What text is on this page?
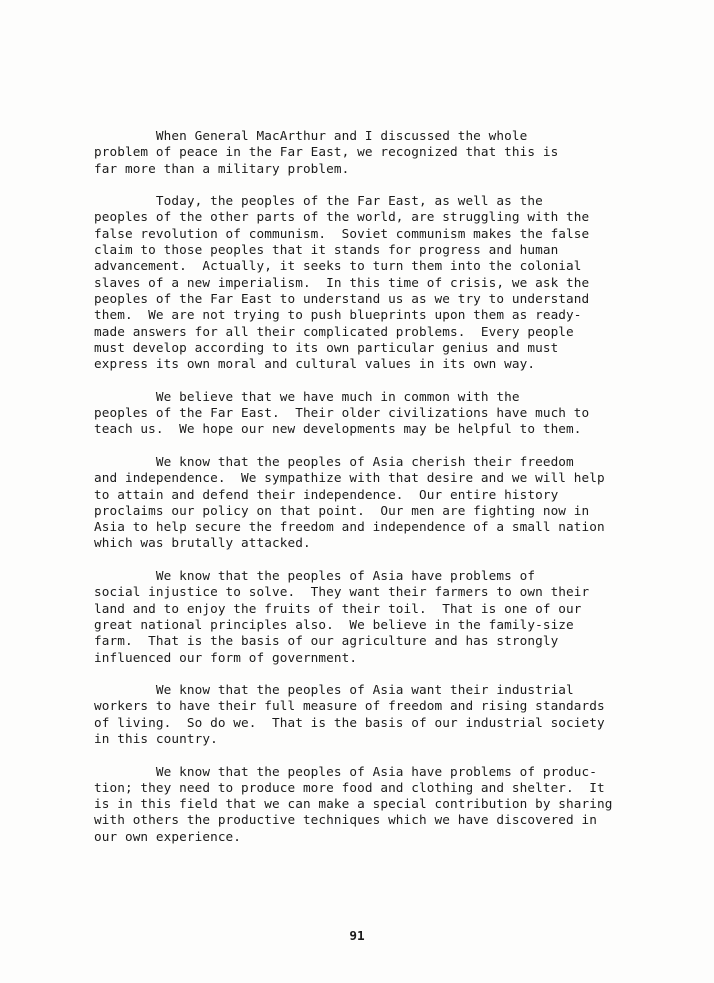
When General MacArthur and I discussed the whole
problem of peace in the Far East, we recognized that this is
far more than a military problem.
Today, the peoples of the Far East, as well as the
peoples of the other parts of the world, are struggling with the
false revolution of communism.  Soviet communism makes the false
claim to those peoples that it stands for progress and human
advancement.  Actually, it seeks to turn them into the colonial
slaves of a new imperialism.  In this time of crisis, we ask the
peoples of the Far East to understand us as we try to understand
them.  We are not trying to push blueprints upon them as ready-
made answers for all their complicated problems.  Every people
must develop according to its own particular genius and must
express its own moral and cultural values in its own way.
We believe that we have much in common with the
peoples of the Far East.  Their older civilizations have much to
teach us.  We hope our new developments may be helpful to them.
We know that the peoples of Asia cherish their freedom
and independence.  We sympathize with that desire and we will help
to attain and defend their independence.  Our entire history
proclaims our policy on that point.  Our men are fighting now in
Asia to help secure the freedom and independence of a small nation
which was brutally attacked.
We know that the peoples of Asia have problems of
social injustice to solve.  They want their farmers to own their
land and to enjoy the fruits of their toil.  That is one of our
great national principles also.  We believe in the family-size
farm.  That is the basis of our agriculture and has strongly
influenced our form of government.
We know that the peoples of Asia want their industrial
workers to have their full measure of freedom and rising standards
of living.  So do we.  That is the basis of our industrial society
in this country.
We know that the peoples of Asia have problems of produc-
tion; they need to produce more food and clothing and shelter.  It
is in this field that we can make a special contribution by sharing
with others the productive techniques which we have discovered in
our own experience.
91
